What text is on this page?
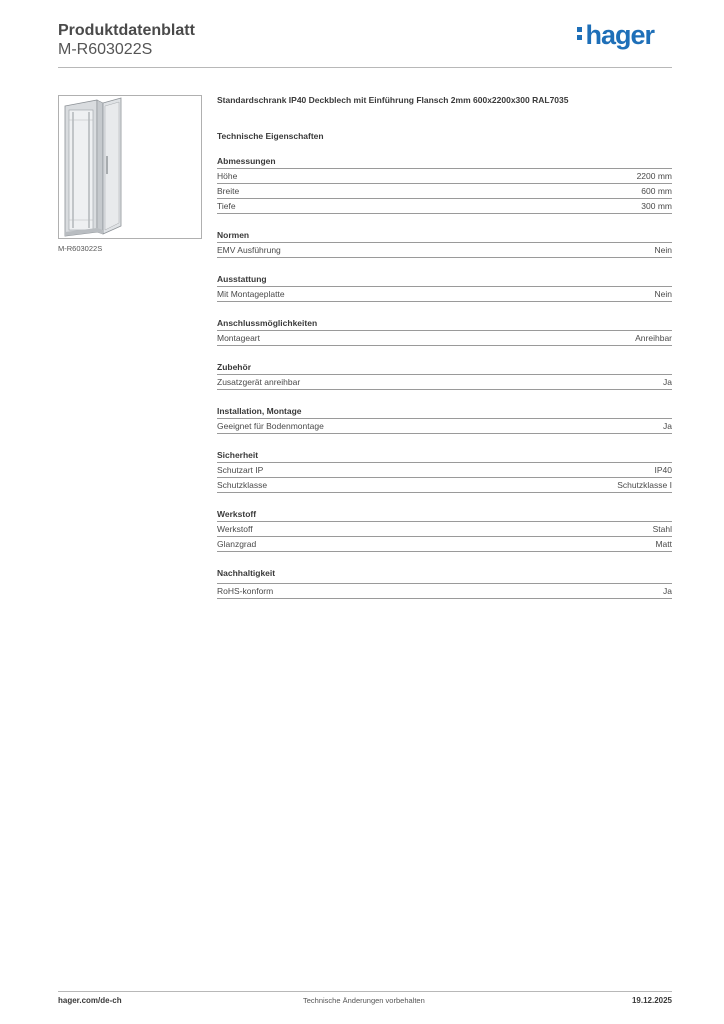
Produktdatenblatt
M-R603022S	hager
M-R603022S
Standardschrank IP40 Deckblech mit Einführung Flansch 2mm 600x2200x300 RAL7035
Technische Eigenschaften
Abmessungen
Höhe	2200 mm
Breite	600 mm
Tiefe	300 mm
Normen
EMV Ausführung	Nein
Ausstattung
Mit Montageplatte	Nein
Anschlussmöglichkeiten
Montageart	Anreihbar
Zubehör
Zusatzgerät anreihbar	Ja
Installation, Montage
Geeignet für Bodenmontage	Ja
Sicherheit
Schutzart IP	IP40
Schutzklasse	Schutzklasse I
Werkstoff
Werkstoff	Stahl
Glanzgrad	Matt
Nachhaltigkeit
RoHS-konform	Ja
hager.com/de-ch	Technische Änderungen vorbehalten	19.12.2025
